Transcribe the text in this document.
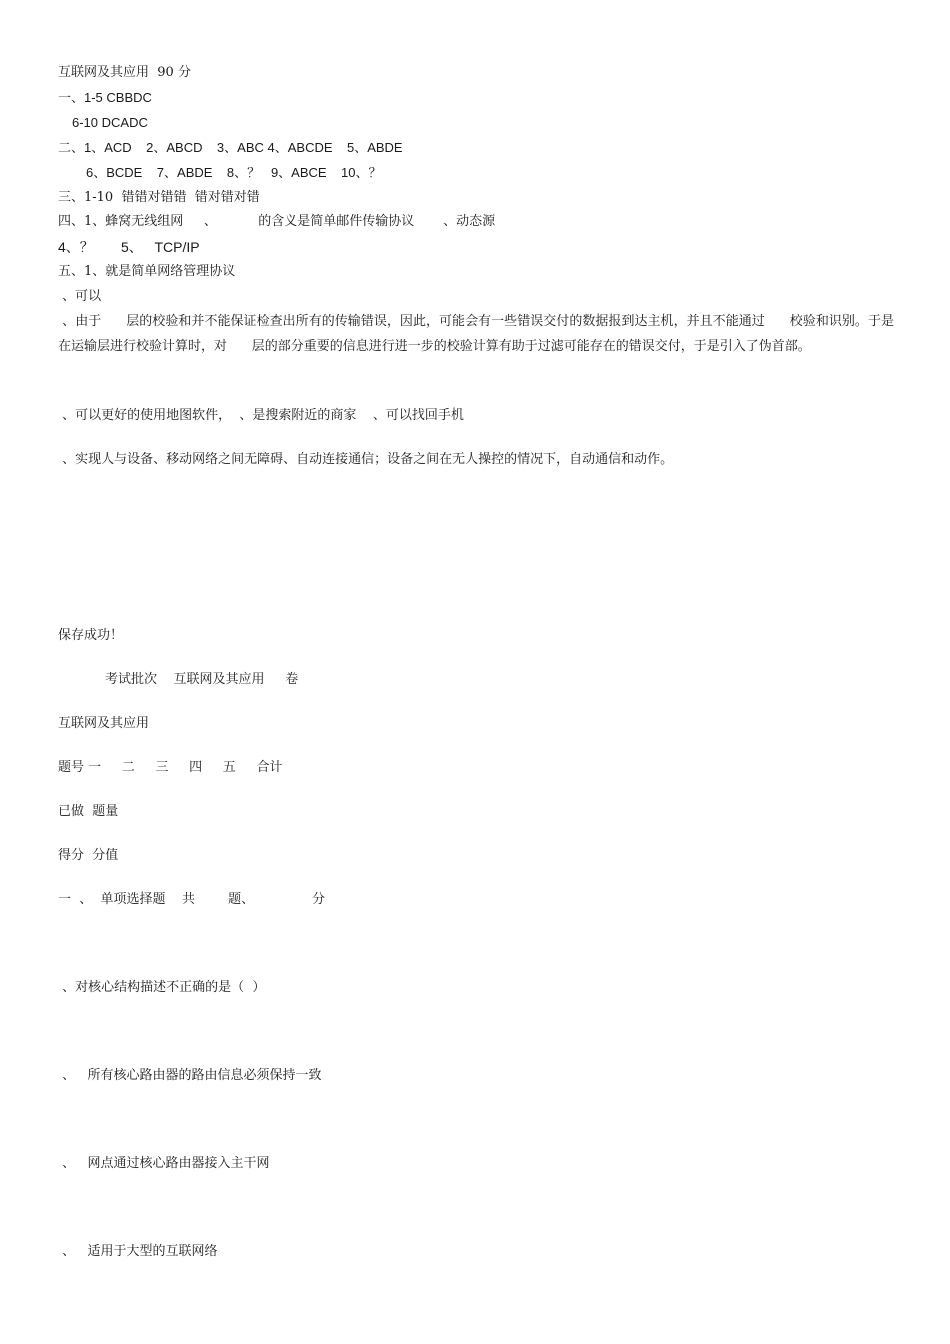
互联网及其应用  90 分
一、1-5 CBBDC
6-10 DCADC
二、1、ACD    2、ABCD    3、ABC 4、ABCDE    5、ABDE
6、BCDE    7、ABDE    8、？   9、ABCE    10、？
三、1-10  错错对错错  错对错对错
四、1、蜂窝无线组网     、          的含义是简单邮件传输协议       、动态源
4、？       5、   TCP/IP
五、1、就是简单网络管理协议
、可以
、由于      层的校验和并不能保证检查出所有的传输错误，因此，可能会有一些错误交付的数据报到达主机，并且不能通过      校验和识别。于是在运输层进行校验计算时，对      层的部分重要的信息进行进一步的校验计算有助于过滤可能存在的错误交付，于是引入了伪首部。
、可以更好的使用地图软件，  、是搜索附近的商家    、可以找回手机
、实现人与设备、移动网络之间无障碍、自动连接通信；设备之间在无人操控的情况下，自动通信和动作。
保存成功！
考试批次    互联网及其应用     卷
互联网及其应用
题号 一     二     三     四     五     合计
已做  题量
得分  分值
一  、  单项选择题    共        题、              分
、对核心结构描述不正确的是（  ）
、   所有核心路由器的路由信息必须保持一致
、   网点通过核心路由器接入主干网
、   适用于大型的互联网络
